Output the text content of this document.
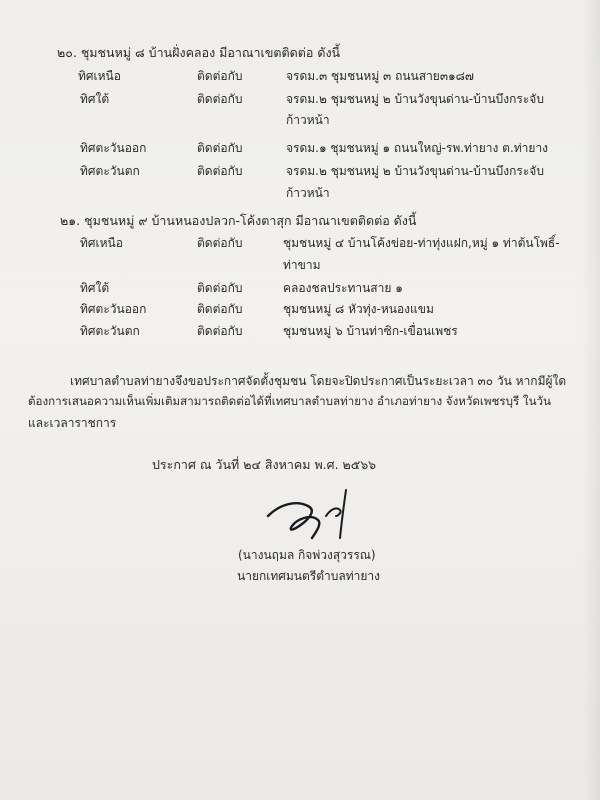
๒๐. ชุมชนหมู่ ๘ บ้านฝั่งคลอง มีอาณาเขตติดต่อ ดังนี้
ทิศเหนือ	ติดต่อกับ	จรดม.๓ ชุมชนหมู่ ๓ ถนนสาย๓๑๘๗
ทิศใต้	ติดต่อกับ	จรดม.๒ ชุมชนหมู่ ๒ บ้านวังขุนด่าน-บ้านบึงกระจับ
ก้าวหน้า
ทิศตะวันออก	ติดต่อกับ	จรดม.๑ ชุมชนหมู่ ๑ ถนนใหญ่-รพ.ท่ายาง ต.ท่ายาง
ทิศตะวันตก	ติดต่อกับ	จรดม.๒ ชุมชนหมู่ ๒ บ้านวังขุนด่าน-บ้านบึงกระจับ
ก้าวหน้า
๒๑. ชุมชนหมู่ ๙ บ้านหนองปลวก-โค้งตาสุก มีอาณาเขตติดต่อ ดังนี้
ทิศเหนือ	ติดต่อกับ	ชุมชนหมู่ ๔ บ้านโค้งข่อย-ท่าทุ่งแฝก,หมู่ ๑ ท่าต้นโพธิ์-
ท่าขาม
ทิศใต้	ติดต่อกับ	คลองชลประทานสาย ๑
ทิศตะวันออก	ติดต่อกับ	ชุมชนหมู่ ๘ หัวทุ่ง-หนองแขม
ทิศตะวันตก	ติดต่อกับ	ชุมชนหมู่ ๖ บ้านท่าซิก-เขื่อนเพชร
เทศบาลตำบลท่ายางจึงขอประกาศจัดตั้งชุมชน โดยจะปิดประกาศเป็นระยะเวลา ๓๐ วัน หากมีผู้ใด
ต้องการเสนอความเห็นเพิ่มเติมสามารถติดต่อได้ที่เทศบาลตำบลท่ายาง อำเภอท่ายาง จังหวัดเพชรบุรี ในวัน
และเวลาราชการ
ประกาศ ณ วันที่ ๒๔ สิงหาคม พ.ศ. ๒๕๖๖
(นางนฤมล กิจพ่วงสุวรรณ)
นายกเทศมนตรีตำบลท่ายาง
